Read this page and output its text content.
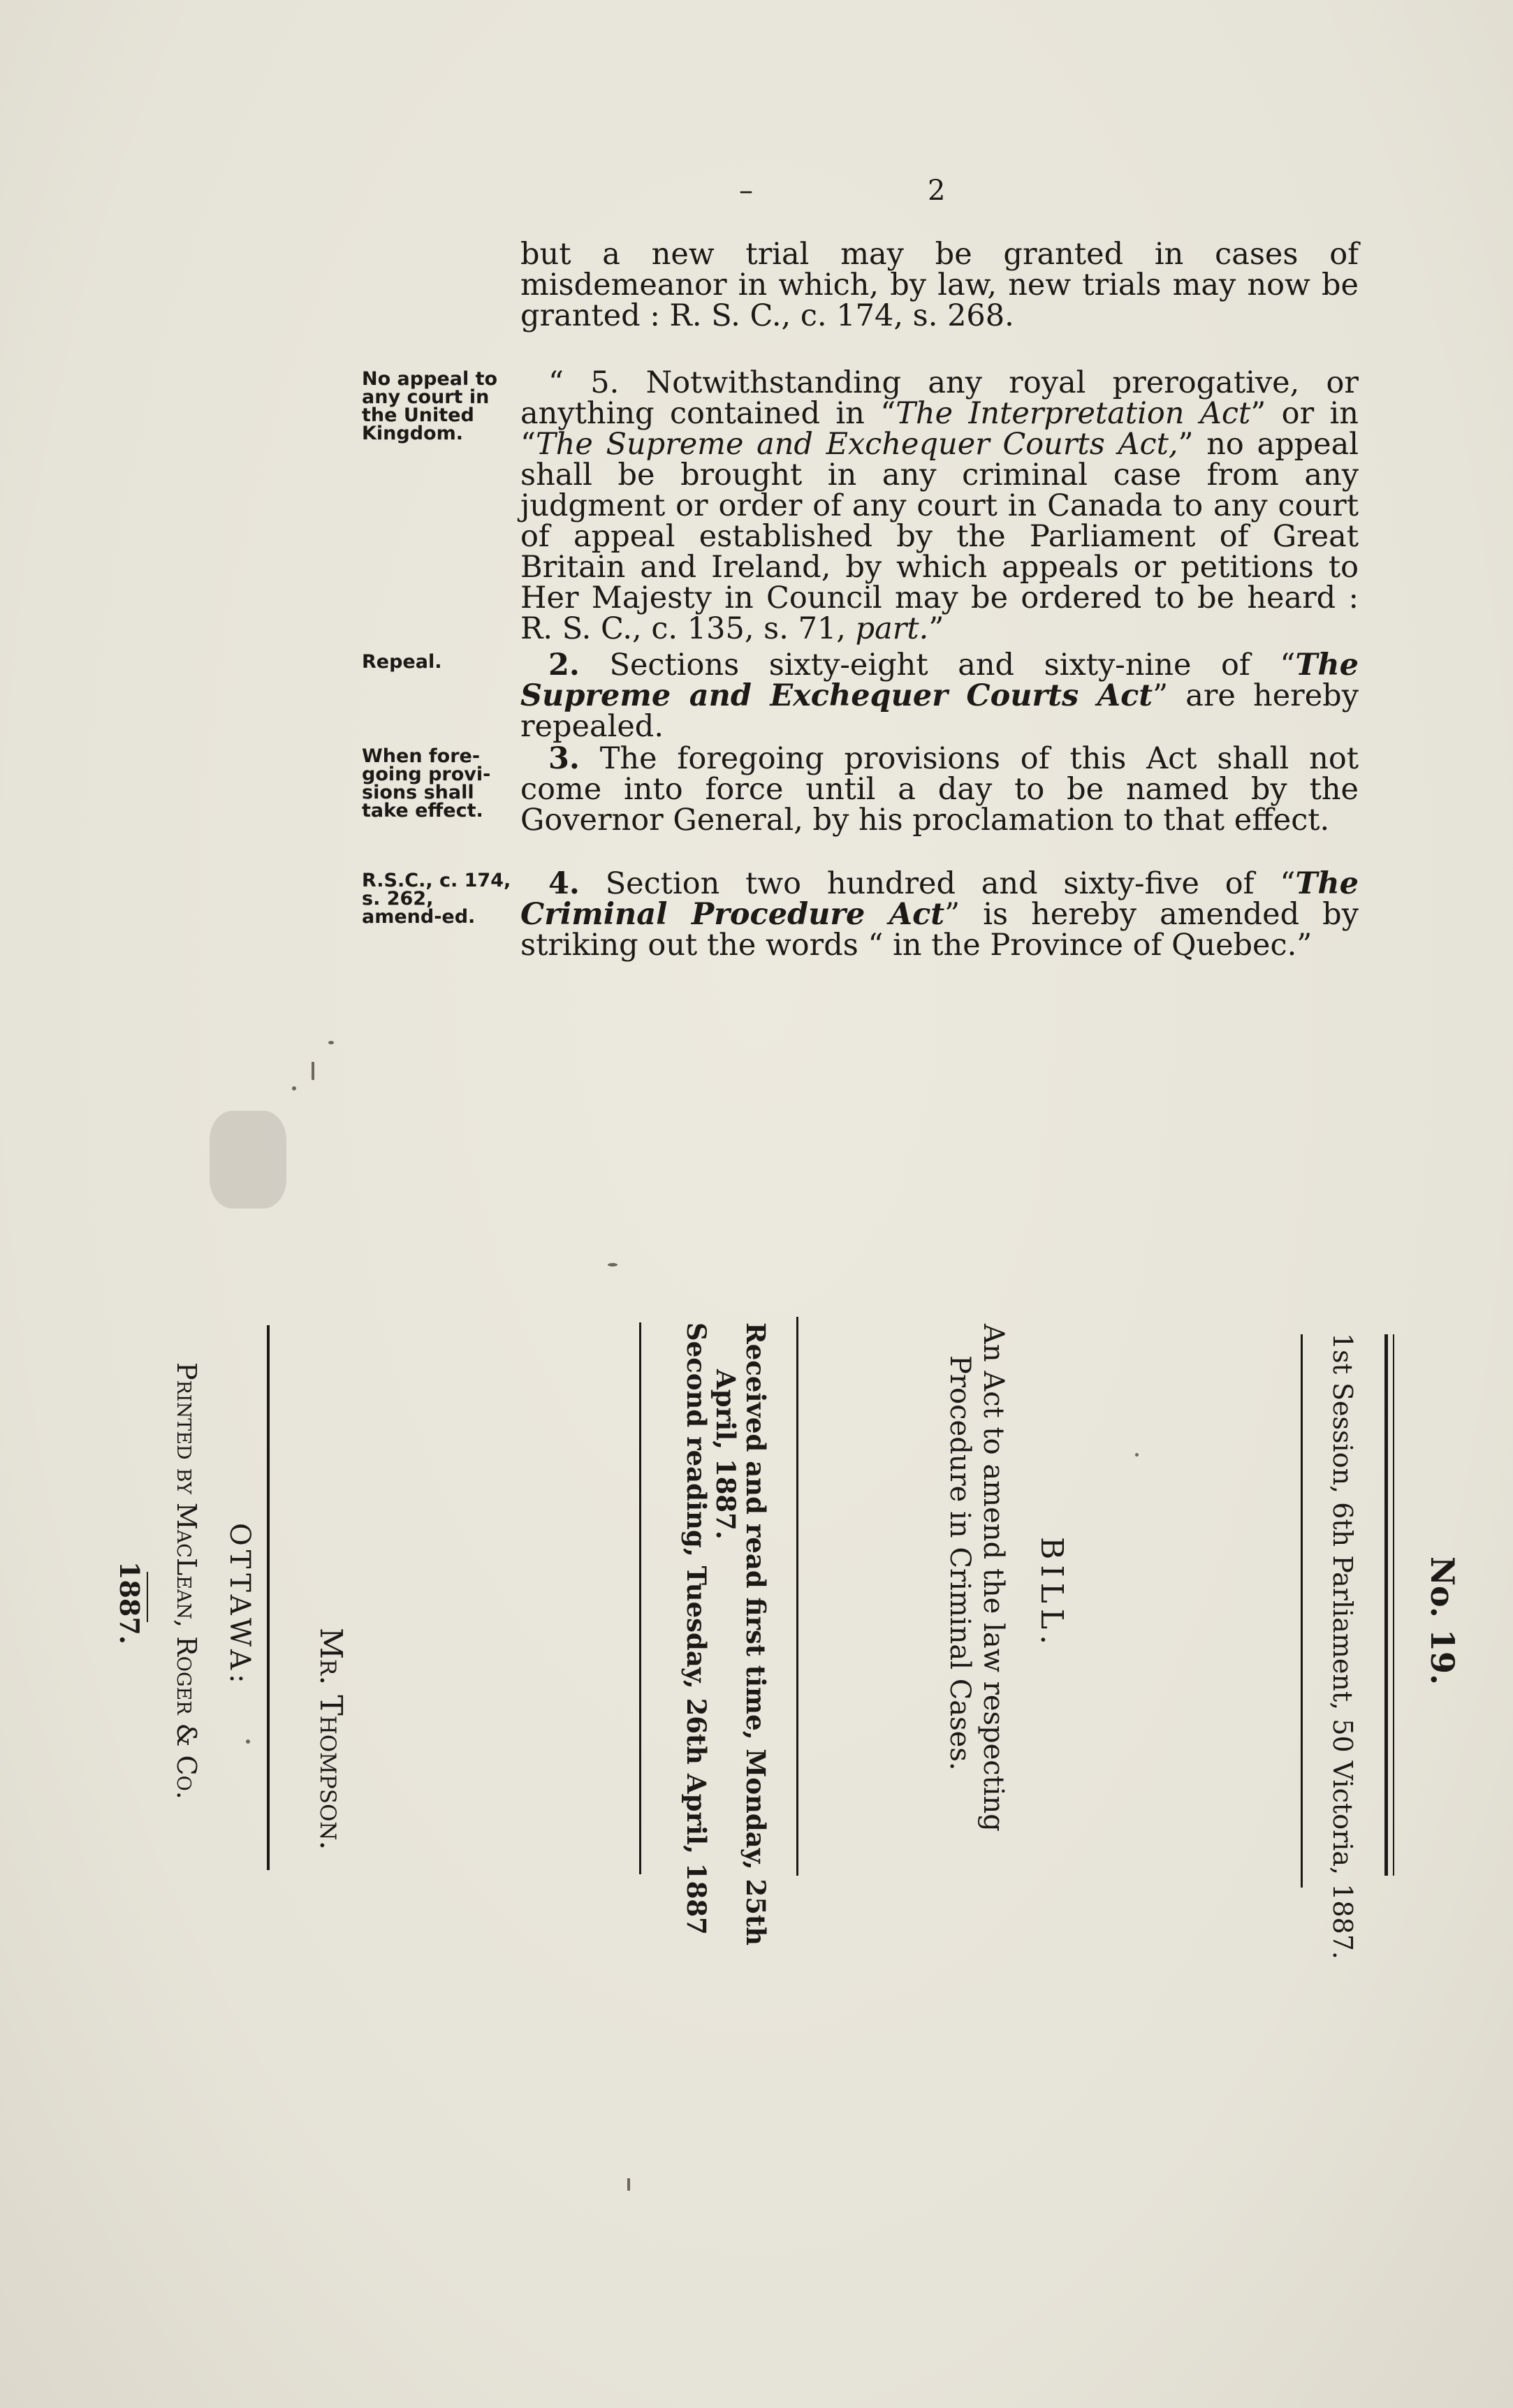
–	2

but a new trial may be granted in cases of misdemeanor in which, by law, new trials may now be granted : R. S. C., c. 174, s. 268.

No appeal to any court in the United Kingdom.

“ 5. Notwithstanding any royal prerogative, or anything contained in “The Interpretation Act” or in “The Supreme and Exchequer Courts Act,” no appeal shall be brought in any criminal case from any judgment or order of any court in Canada to any court of appeal established by the Parliament of Great Britain and Ireland, by which appeals or petitions to Her Majesty in Council may be ordered to be heard : R. S. C., c. 135, s. 71, part.”

Repeal.	2. Sections sixty-eight and sixty-nine of “The Supreme and Exchequer Courts Act” are hereby repealed.

When fore-going provi-sions shall take effect.

3. The foregoing provisions of this Act shall not come into force until a day to be named by the Governor General, by his proclamation to that effect.

R.S.C., c. 174, s. 262, amend-ed.

4. Section two hundred and sixty-five of “The Criminal Procedure Act” is hereby amended by striking out the words “ in the Province of Quebec.”

No. 19.
1st Session, 6th Parliament, 50 Victoria, 1887.
BILL.
An Act to amend the law respecting
Procedure in Criminal Cases.
Received and read first time, Monday, 25th
April, 1887.
Second reading, Tuesday, 26th April, 1887
Mr. Thompson.
OTTAWA:
Printed by MacLean, Roger & Co.
1887.
